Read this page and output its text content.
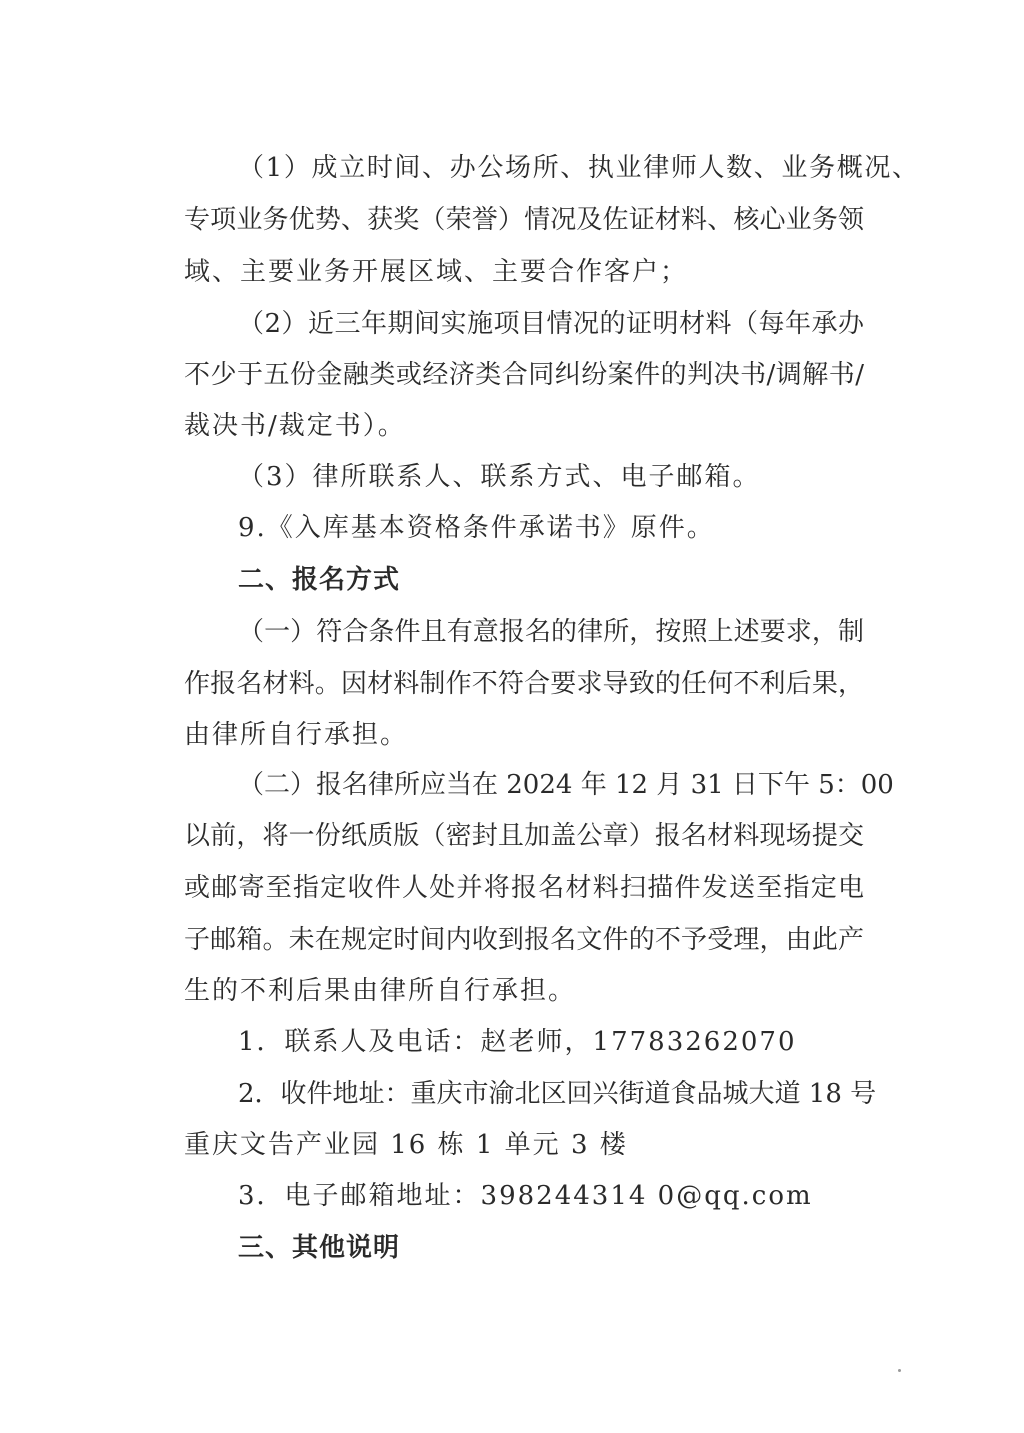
（1）成立时间、办公场所、执业律师人数、业务概况、
专项业务优势、获奖（荣誉）情况及佐证材料、核心业务领
域、主要业务开展区域、主要合作客户；
（2）近三年期间实施项目情况的证明材料（每年承办
不少于五份金融类或经济类合同纠纷案件的判决书/调解书/
裁决书/裁定书）。
（3）律所联系人、联系方式、电子邮箱。
9.《入库基本资格条件承诺书》原件。
二、报名方式
（一）符合条件且有意报名的律所，按照上述要求，制
作报名材料。因材料制作不符合要求导致的任何不利后果，
由律所自行承担。
（二）报名律所应当在 2024 年 12 月 31 日下午 5：00
以前，将一份纸质版（密封且加盖公章）报名材料现场提交
或邮寄至指定收件人处并将报名材料扫描件发送至指定电
子邮箱。未在规定时间内收到报名文件的不予受理，由此产
生的不利后果由律所自行承担。
1．联系人及电话：赵老师，17783262070
2．收件地址：重庆市渝北区回兴街道食品城大道 18 号
重庆文告产业园 16 栋 1 单元 3 楼
3．电子邮箱地址：398244314 0@qq.com
三、其他说明
